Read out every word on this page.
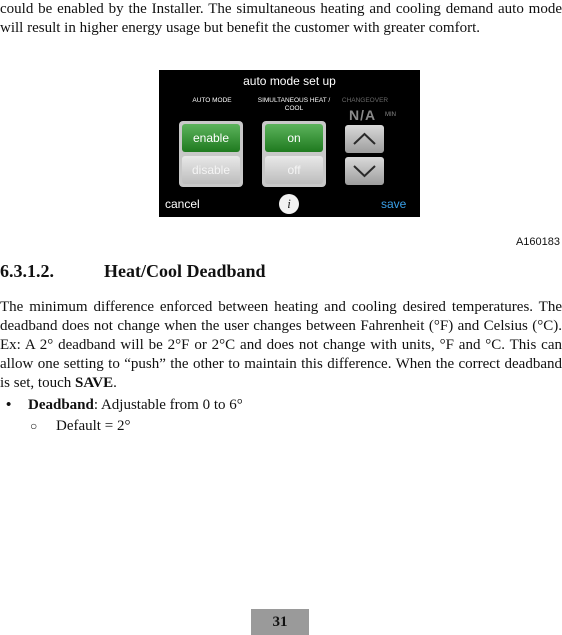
could be enabled by the Installer. The simultaneous heating and cooling demand auto mode will result in higher energy usage but benefit the customer with greater comfort.

auto mode set up
AUTO MODE	SIMULTANEOUS HEAT / COOL
CHANGEOVER
N/A MIN
enable
disable
on
off
cancel	i	save
A160183
6.3.1.2.	Heat/Cool Deadband

The minimum difference enforced between heating and cooling desired temperatures. The deadband does not change when the user changes between Fahrenheit (°F) and Celsius (°C). Ex: A 2° deadband will be 2°F or 2°C and does not change with units, °F and °C. This can allow one setting to “push” the other to maintain this difference. When the correct deadband is set, touch SAVE.

• Deadband: Adjustable from 0 to 6°
○ Default = 2°
31
